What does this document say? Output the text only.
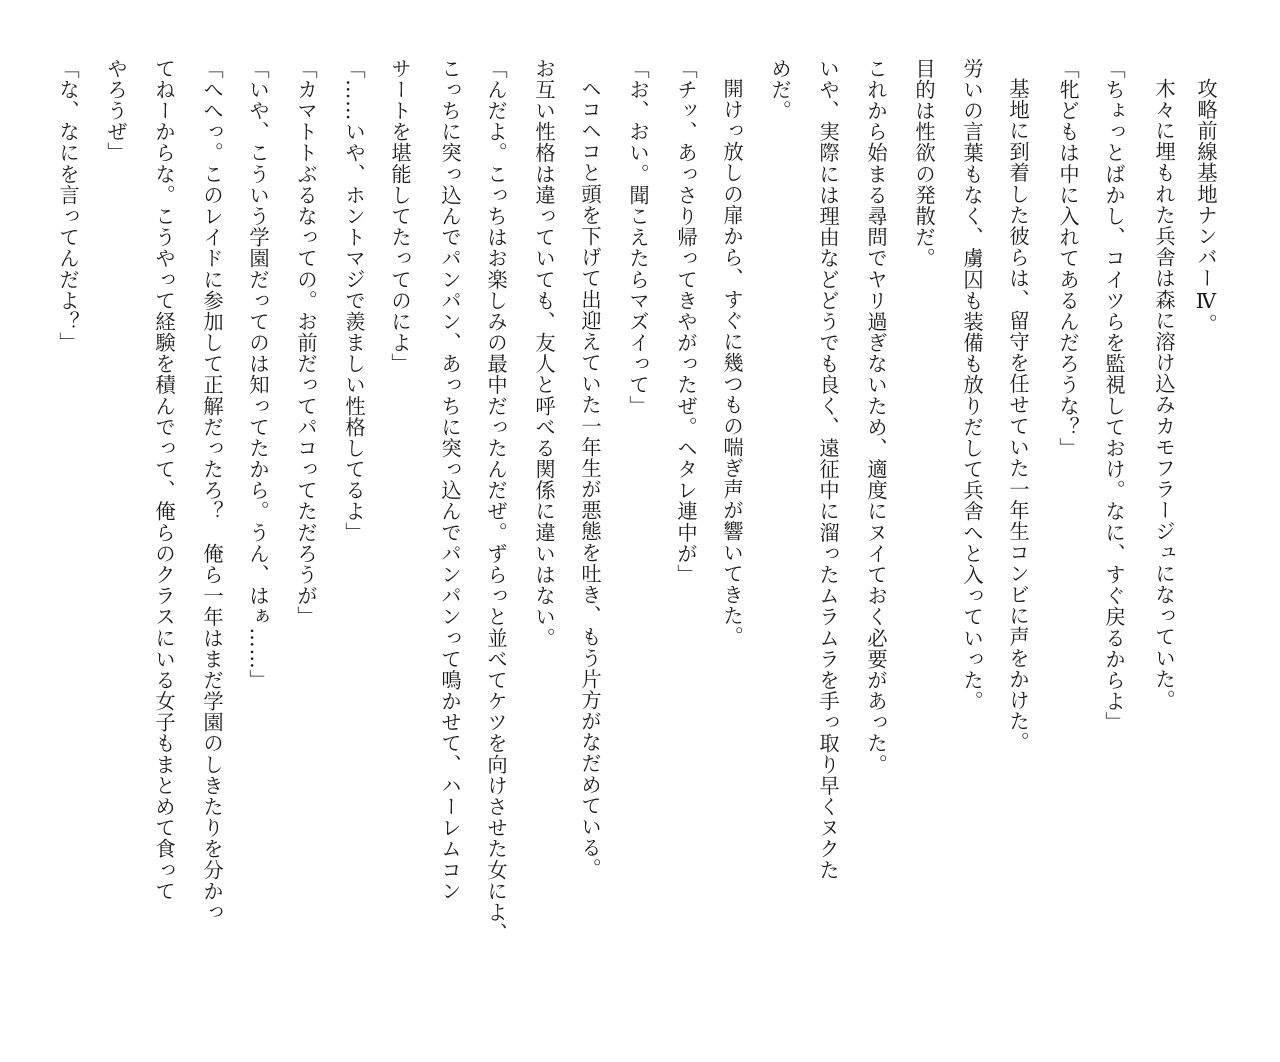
攻略前線基地ナンバーⅣ。
木々に埋もれた兵舎は森に溶け込みカモフラージュになっていた。
「ちょっとばかし、コイツらを監視しておけ。なに、すぐ戻るからよ」
「牝どもは中に入れてあるんだろうな？」
基地に到着した彼らは、留守を任せていた一年生コンビに声をかけた。
労いの言葉もなく、虜囚も装備も放りだして兵舎へと入っていった。
目的は性欲の発散だ。
これから始まる尋問でヤリ過ぎないため、適度にヌイておく必要があった。
いや、実際には理由などどうでも良く、遠征中に溜ったムラムラを手っ取り早くヌクた
めだ。
開けっ放しの扉から、すぐに幾つもの喘ぎ声が響いてきた。
「チッ、あっさり帰ってきやがったぜ。ヘタレ連中が」
「お、おい。聞こえたらマズイって」
ヘコヘコと頭を下げて出迎えていた一年生が悪態を吐き、もう片方がなだめている。
お互い性格は違っていても、友人と呼べる関係に違いはない。
「んだよ。こっちはお楽しみの最中だったんだぜ。ずらっと並べてケツを向けさせた女によ、
こっちに突っ込んでパンパン、あっちに突っ込んでパンパンって鳴かせて、ハーレムコン
サートを堪能してたってのによ」
「……いや、ホントマジで羨ましい性格してるよ」
「カマトトぶるなっての。お前だってパコってただろうが」
「いや、こういう学園だってのは知ってたから。うん、はぁ……」
「へへっ。このレイドに参加して正解だったろ？　俺ら一年はまだ学園のしきたりを分かっ
てねーからな。こうやって経験を積んでって、俺らのクラスにいる女子もまとめて食って
やろうぜ」
「な、なにを言ってんだよ？」
